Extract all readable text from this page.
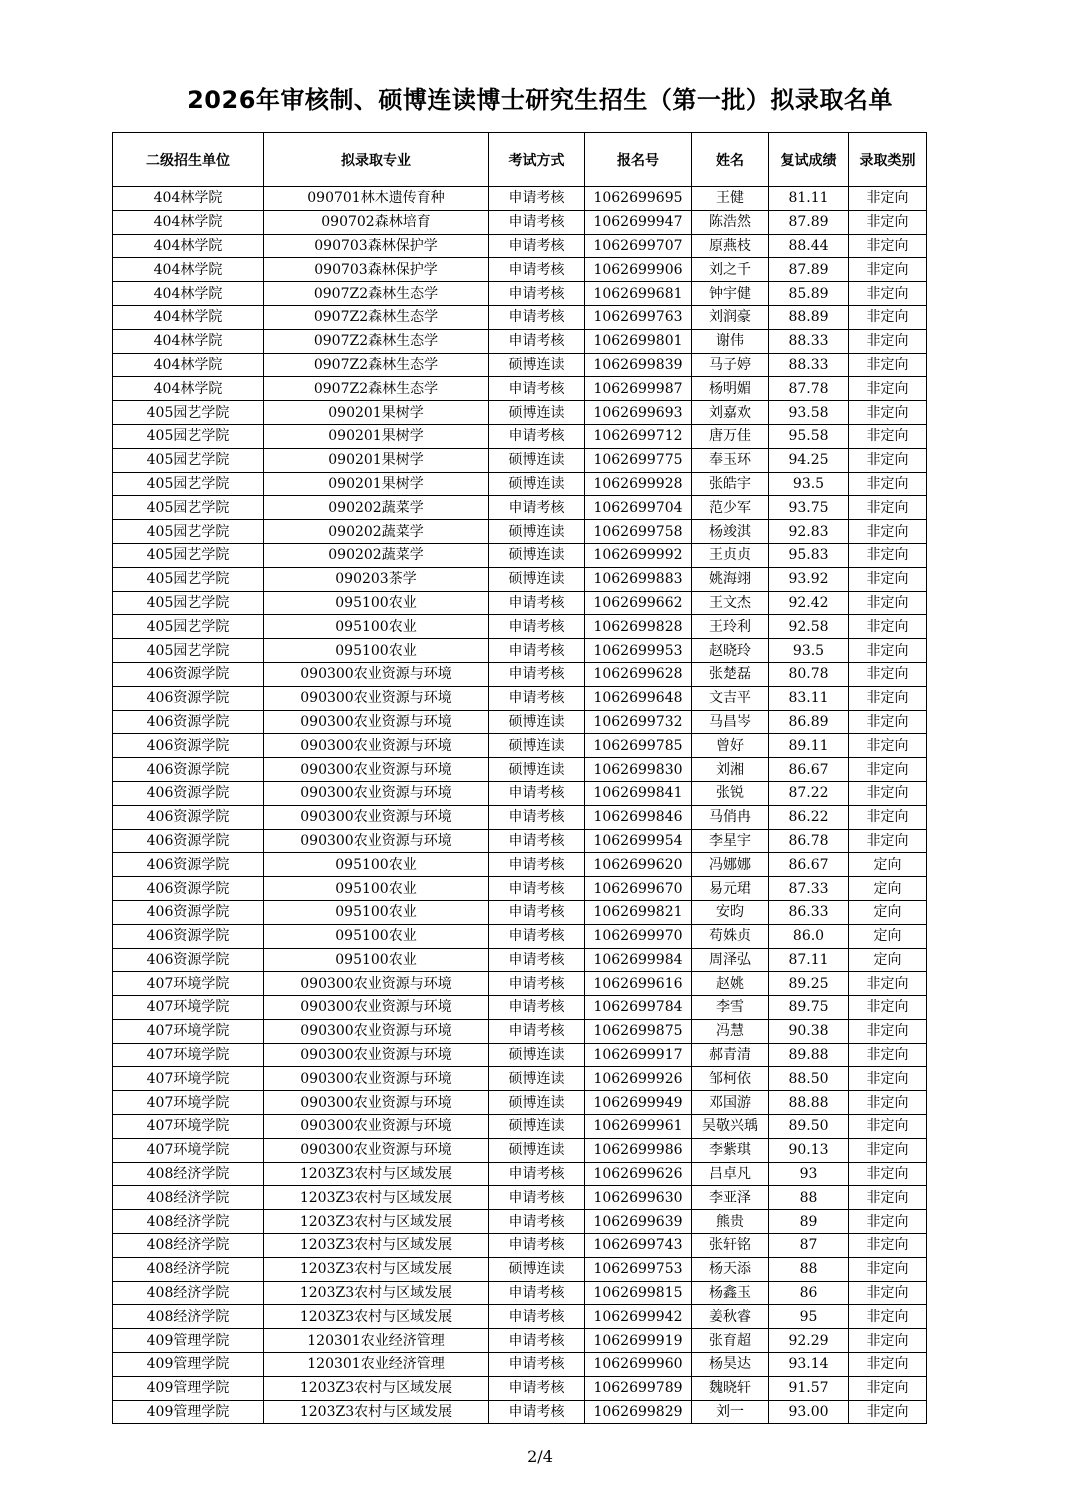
2026年审核制、硕博连读博士研究生招生（第一批）拟录取名单
二级招生单位	拟录取专业	考试方式	报名号	姓名	复试成绩	录取类别
404林学院	090701林木遗传育种	申请考核	1062699695	王健	81.11	非定向
404林学院	090702森林培育	申请考核	1062699947	陈浩然	87.89	非定向
404林学院	090703森林保护学	申请考核	1062699707	原燕枝	88.44	非定向
404林学院	090703森林保护学	申请考核	1062699906	刘之千	87.89	非定向
404林学院	0907Z2森林生态学	申请考核	1062699681	钟宇健	85.89	非定向
404林学院	0907Z2森林生态学	申请考核	1062699763	刘润豪	88.89	非定向
404林学院	0907Z2森林生态学	申请考核	1062699801	谢伟	88.33	非定向
404林学院	0907Z2森林生态学	硕博连读	1062699839	马子婷	88.33	非定向
404林学院	0907Z2森林生态学	申请考核	1062699987	杨明媚	87.78	非定向
405园艺学院	090201果树学	硕博连读	1062699693	刘嘉欢	93.58	非定向
405园艺学院	090201果树学	申请考核	1062699712	唐万佳	95.58	非定向
405园艺学院	090201果树学	硕博连读	1062699775	奉玉环	94.25	非定向
405园艺学院	090201果树学	硕博连读	1062699928	张皓宇	93.5	非定向
405园艺学院	090202蔬菜学	申请考核	1062699704	范少军	93.75	非定向
405园艺学院	090202蔬菜学	硕博连读	1062699758	杨竣淇	92.83	非定向
405园艺学院	090202蔬菜学	硕博连读	1062699992	王贞贞	95.83	非定向
405园艺学院	090203茶学	硕博连读	1062699883	姚海翊	93.92	非定向
405园艺学院	095100农业	申请考核	1062699662	王文杰	92.42	非定向
405园艺学院	095100农业	申请考核	1062699828	王玲利	92.58	非定向
405园艺学院	095100农业	申请考核	1062699953	赵晓玲	93.5	非定向
406资源学院	090300农业资源与环境	申请考核	1062699628	张楚磊	80.78	非定向
406资源学院	090300农业资源与环境	申请考核	1062699648	文吉平	83.11	非定向
406资源学院	090300农业资源与环境	硕博连读	1062699732	马昌岑	86.89	非定向
406资源学院	090300农业资源与环境	硕博连读	1062699785	曾好	89.11	非定向
406资源学院	090300农业资源与环境	硕博连读	1062699830	刘湘	86.67	非定向
406资源学院	090300农业资源与环境	申请考核	1062699841	张锐	87.22	非定向
406资源学院	090300农业资源与环境	申请考核	1062699846	马俏冉	86.22	非定向
406资源学院	090300农业资源与环境	申请考核	1062699954	李星宇	86.78	非定向
406资源学院	095100农业	申请考核	1062699620	冯娜娜	86.67	定向
406资源学院	095100农业	申请考核	1062699670	易元珺	87.33	定向
406资源学院	095100农业	申请考核	1062699821	安昀	86.33	定向
406资源学院	095100农业	申请考核	1062699970	苟姝贞	86.0	定向
406资源学院	095100农业	申请考核	1062699984	周泽弘	87.11	定向
407环境学院	090300农业资源与环境	申请考核	1062699616	赵姚	89.25	非定向
407环境学院	090300农业资源与环境	申请考核	1062699784	李雪	89.75	非定向
407环境学院	090300农业资源与环境	申请考核	1062699875	冯慧	90.38	非定向
407环境学院	090300农业资源与环境	硕博连读	1062699917	郝青清	89.88	非定向
407环境学院	090300农业资源与环境	硕博连读	1062699926	邹柯依	88.50	非定向
407环境学院	090300农业资源与环境	硕博连读	1062699949	邓国游	88.88	非定向
407环境学院	090300农业资源与环境	硕博连读	1062699961	吴敬兴瑀	89.50	非定向
407环境学院	090300农业资源与环境	硕博连读	1062699986	李紫琪	90.13	非定向
408经济学院	1203Z3农村与区域发展	申请考核	1062699626	吕卓凡	93	非定向
408经济学院	1203Z3农村与区域发展	申请考核	1062699630	李亚泽	88	非定向
408经济学院	1203Z3农村与区域发展	申请考核	1062699639	熊贵	89	非定向
408经济学院	1203Z3农村与区域发展	申请考核	1062699743	张轩铭	87	非定向
408经济学院	1203Z3农村与区域发展	硕博连读	1062699753	杨天添	88	非定向
408经济学院	1203Z3农村与区域发展	申请考核	1062699815	杨鑫玉	86	非定向
408经济学院	1203Z3农村与区域发展	申请考核	1062699942	姜秋睿	95	非定向
409管理学院	120301农业经济管理	申请考核	1062699919	张育超	92.29	非定向
409管理学院	120301农业经济管理	申请考核	1062699960	杨昊达	93.14	非定向
409管理学院	1203Z3农村与区域发展	申请考核	1062699789	魏晓轩	91.57	非定向
409管理学院	1203Z3农村与区域发展	申请考核	1062699829	刘一	93.00	非定向
2/4
